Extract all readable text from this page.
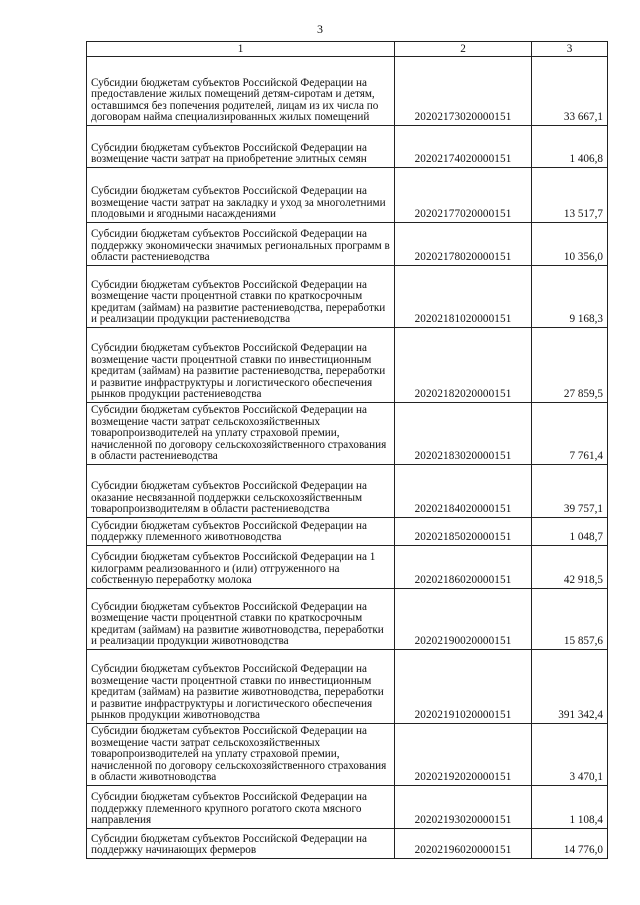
3
1	2	3
Субсидии бюджетам субъектов Российской Федерации на предоставление жилых помещений детям-сиротам и детям, оставшимся без попечения родителей, лицам из их числа по договорам найма специализированных жилых помещений	20202173020000151	33 667,1
Субсидии бюджетам субъектов Российской Федерации на возмещение части затрат на приобретение элитных семян	20202174020000151	1 406,8
Субсидии бюджетам субъектов Российской Федерации на возмещение части затрат на закладку и уход за многолетними плодовыми и ягодными насаждениями	20202177020000151	13 517,7
Субсидии бюджетам субъектов Российской Федерации на поддержку экономически значимых региональных программ в области растениеводства	20202178020000151	10 356,0
Субсидии бюджетам субъектов Российской Федерации на возмещение части процентной ставки по краткосрочным кредитам (займам) на развитие растениеводства, переработки и реализации продукции растениеводства	20202181020000151	9 168,3
Субсидии бюджетам субъектов Российской Федерации на возмещение части процентной ставки по инвестиционным кредитам (займам) на развитие растениеводства, переработки и развитие инфраструктуры и логистического обеспечения рынков продукции растениеводства	20202182020000151	27 859,5
Субсидии бюджетам субъектов Российской Федерации на возмещение части затрат сельскохозяйственных товаропроизводителей на уплату страховой премии, начисленной по договору сельскохозяйственного страхования в области растениеводства	20202183020000151	7 761,4
Субсидии бюджетам субъектов Российской Федерации на оказание несвязанной поддержки сельскохозяйственным товаропроизводителям в области растениеводства	20202184020000151	39 757,1
Субсидии бюджетам субъектов Российской Федерации на поддержку племенного животноводства	20202185020000151	1 048,7
Субсидии бюджетам субъектов Российской Федерации на 1 килограмм реализованного и (или) отгруженного на собственную переработку молока	20202186020000151	42 918,5
Субсидии бюджетам субъектов Российской Федерации на возмещение части процентной ставки по краткосрочным кредитам (займам) на развитие животноводства, переработки и реализации продукции животноводства	20202190020000151	15 857,6
Субсидии бюджетам субъектов Российской Федерации на возмещение части процентной ставки по инвестиционным кредитам (займам) на развитие животноводства, переработки и развитие инфраструктуры и логистического обеспечения рынков продукции животноводства	20202191020000151	391 342,4
Субсидии бюджетам субъектов Российской Федерации на возмещение части затрат сельскохозяйственных товаропроизводителей на уплату страховой премии, начисленной по договору сельскохозяйственного страхования в области животноводства	20202192020000151	3 470,1
Субсидии бюджетам субъектов Российской Федерации на поддержку племенного крупного рогатого скота мясного направления	20202193020000151	1 108,4
Субсидии бюджетам субъектов Российской Федерации на поддержку начинающих фермеров	20202196020000151	14 776,0
